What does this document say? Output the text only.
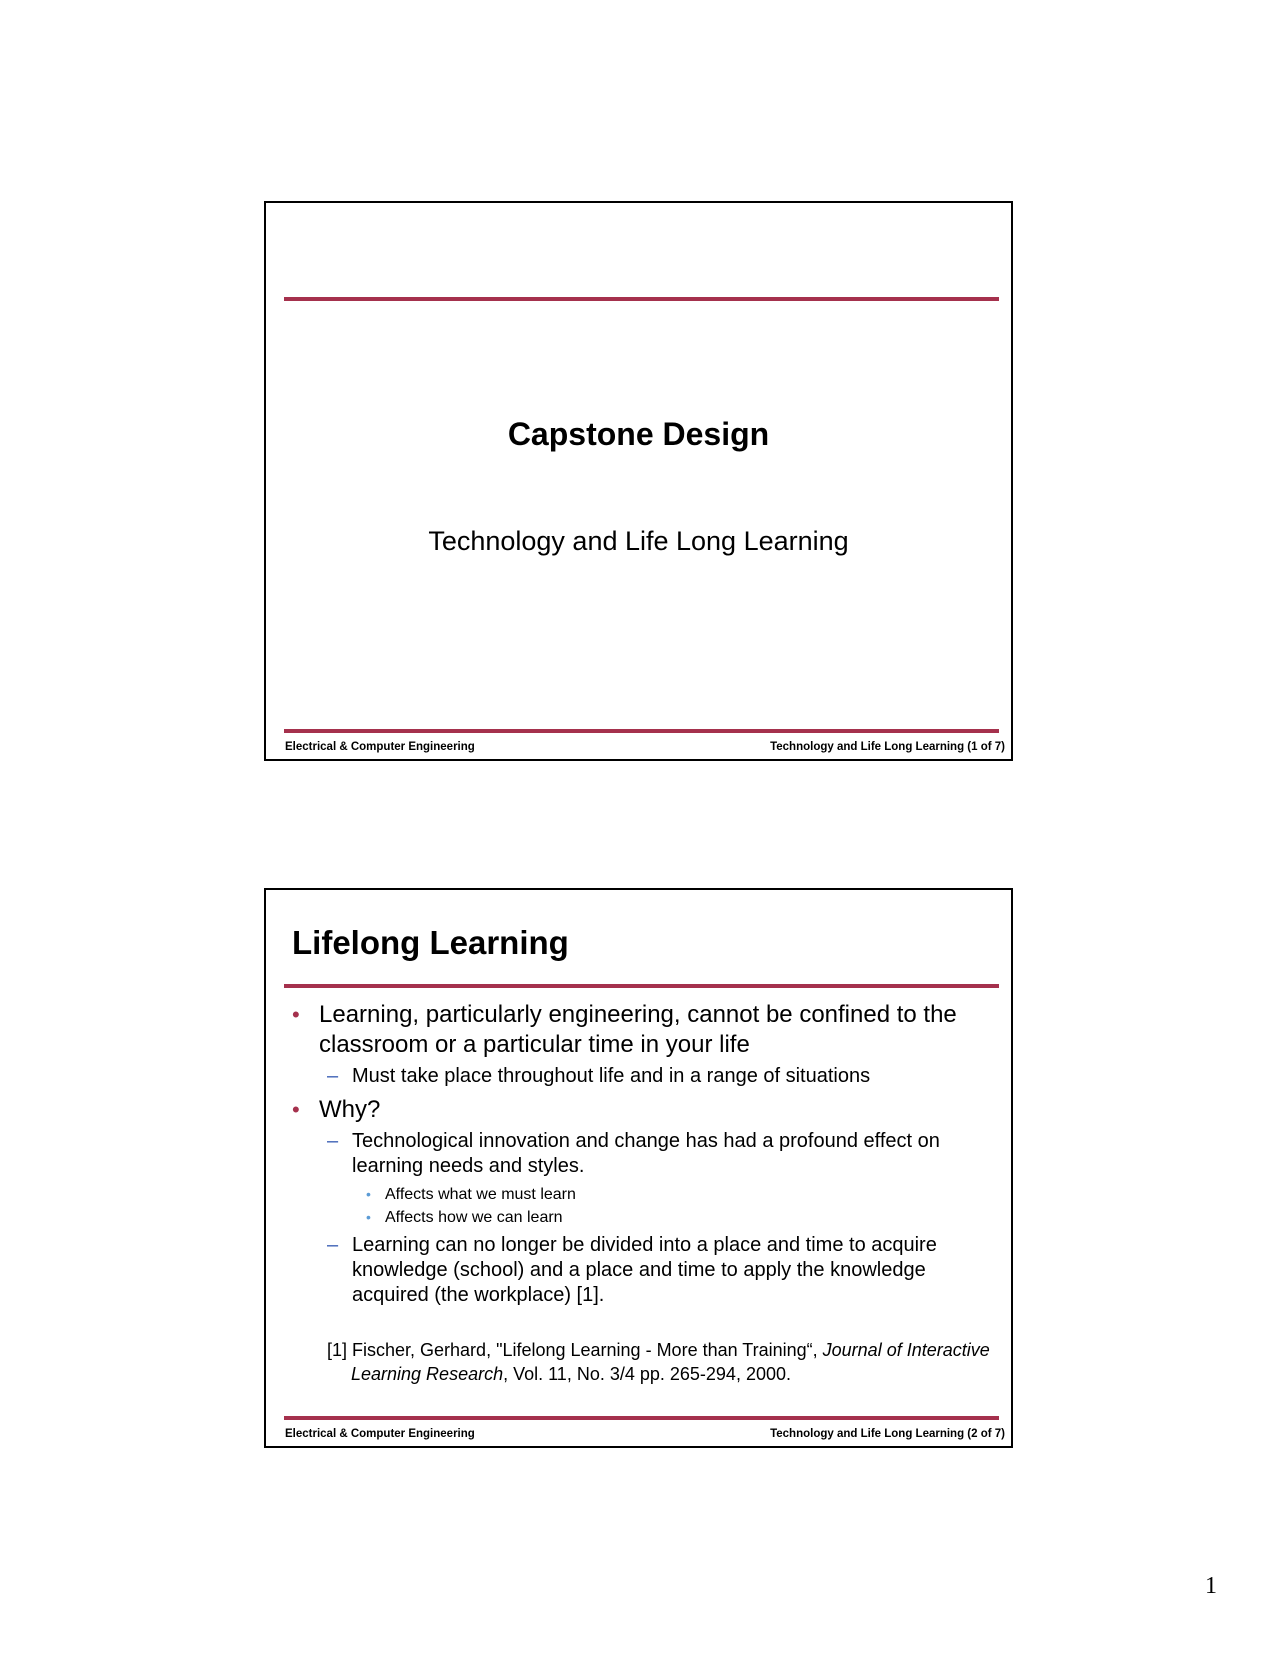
Capstone Design
Technology and Life Long Learning
Electrical & Computer Engineering	Technology and Life Long Learning (1 of 7)
Lifelong Learning
• Learning, particularly engineering, cannot be confined to the classroom or a particular time in your life
– Must take place throughout life and in a range of situations
• Why?
– Technological innovation and change has had a profound effect on learning needs and styles.
• Affects what we must learn
• Affects how we can learn
– Learning can no longer be divided into a place and time to acquire knowledge (school) and a place and time to apply the knowledge acquired (the workplace) [1].
[1] Fischer, Gerhard, "Lifelong Learning - More than Training“, Journal of Interactive Learning Research, Vol. 11, No. 3/4 pp. 265-294, 2000.
Electrical & Computer Engineering	Technology and Life Long Learning (2 of 7)
1
